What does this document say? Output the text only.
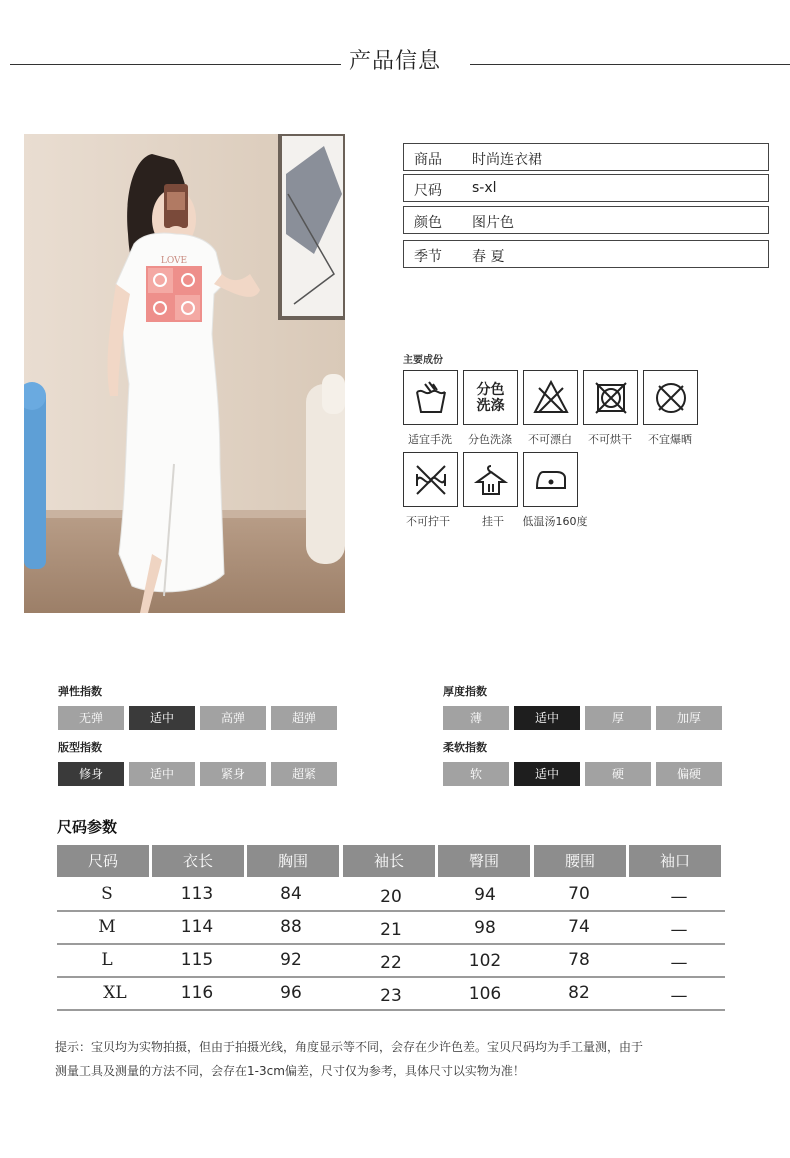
产品信息
LOVE
商品 时尚连衣裙
尺码 s-xl
颜色 图片色
季节 春 夏
主要成份
适宜手洗
分色
洗涤
分色洗涤	不可漂白	不可烘干	不宜爆晒
不可拧干	挂干	低温汤160度
弹性指数
无弹	适中	高弹	超弹
版型指数
修身	适中	紧身	超紧
厚度指数
薄	适中	厚	加厚
柔软指数
软	适中	硬	偏硬
尺码参数
尺码	衣长	胸围	袖长	臀围	腰围	袖口
S	113	84	20	94	70	—
M	114	88	21	98	74	—
L	115	92	22	102	78	—
XL	116	96	23	106	82	—
提示：宝贝均为实物拍摄，但由于拍摄光线，角度显示等不同，会存在少许色差。宝贝尺码均为手工量测，由于
测量工具及测量的方法不同，会存在1-3cm偏差，尺寸仅为参考，具体尺寸以实物为准！
